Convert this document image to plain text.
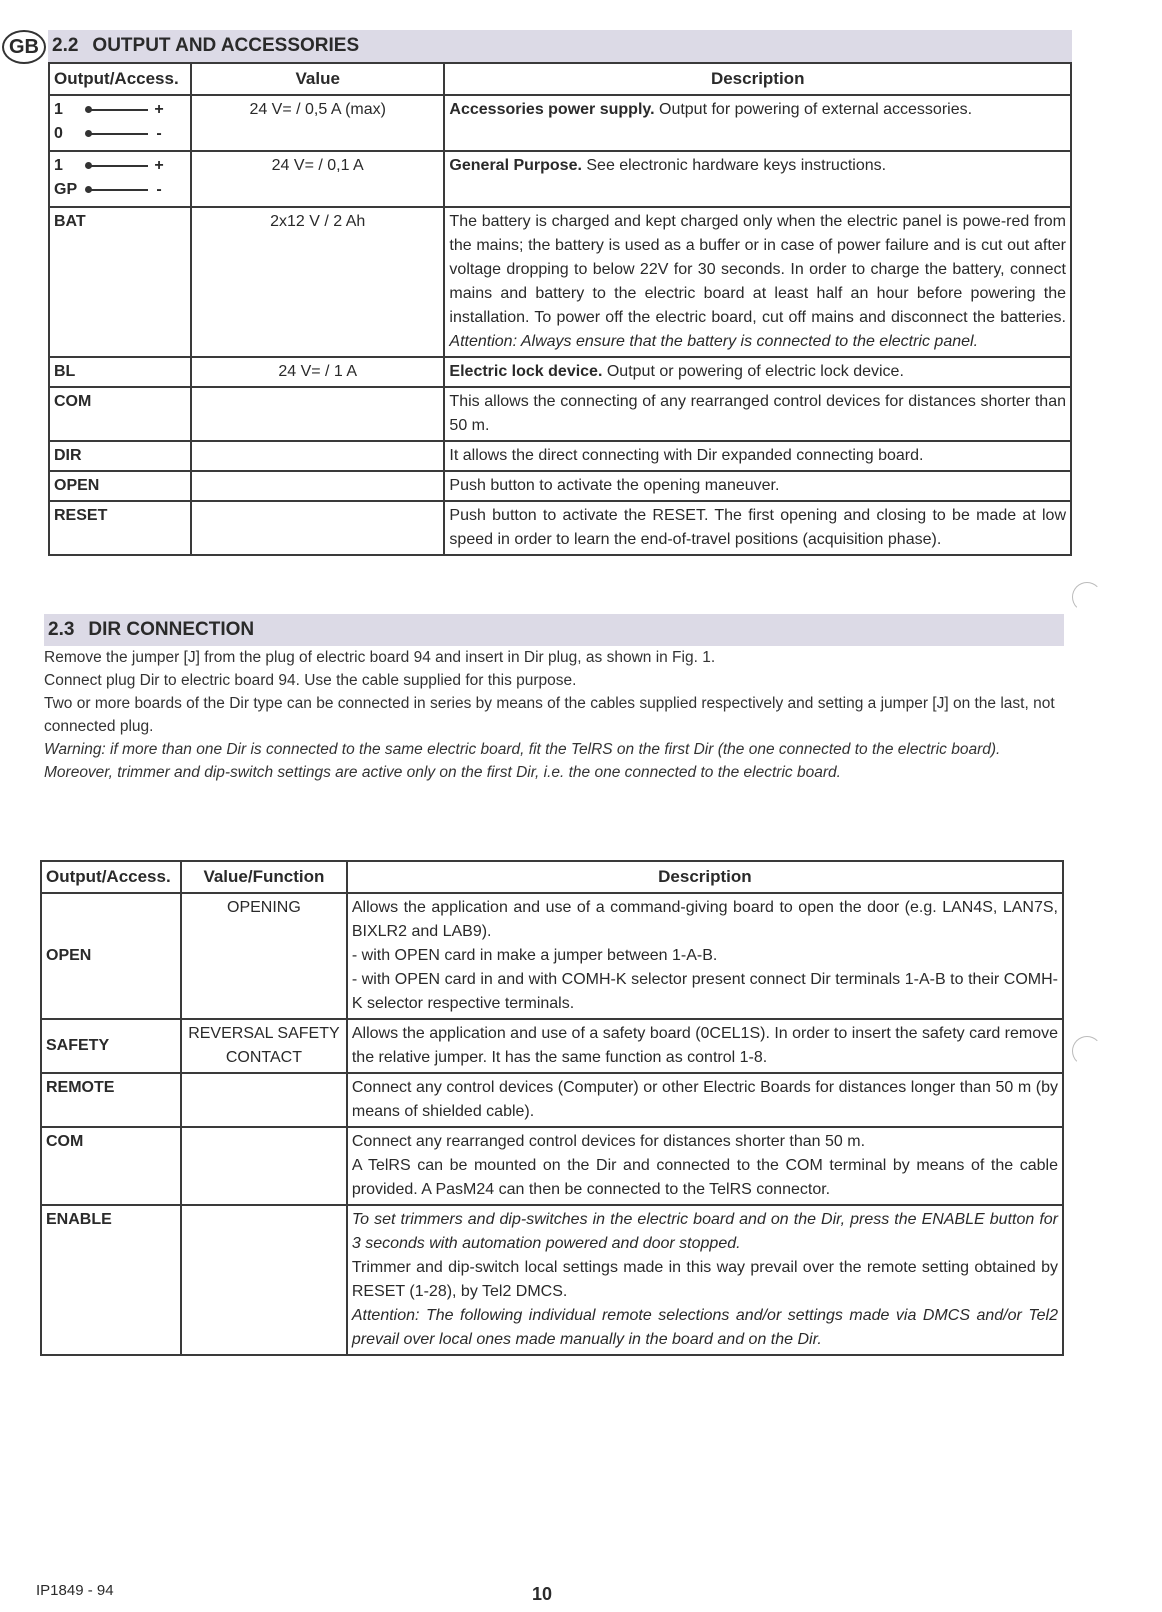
GB 2.2 OUTPUT AND ACCESSORIES
Output/Access.	Value	Description

1 +
0 -	24 V= / 0,5 A (max)	Accessories power supply. Output for powering of external accessories.

1 +
GP -	24 V= / 0,1 A	General Purpose. See electronic hardware keys instructions.
BAT	2x12 V / 2 Ah	The battery is charged and kept charged only when the electric panel is powe-red from the mains; the battery is used as a buffer or in case of power failure and is cut out after voltage dropping to below 22V for 30 seconds. In order to charge the battery, connect mains and battery to the electric board at least half an hour before powering the installation. To power off the electric board, cut off mains and disconnect the batteries. Attention: Always ensure that the battery is connected to the electric panel.
BL	24 V= / 1 A	Electric lock device. Output or powering of electric lock device.
COM		This allows the connecting of any rearranged control devices for distances shorter than 50 m.
DIR		It allows the direct connecting with Dir expanded connecting board.
OPEN		Push button to activate the opening maneuver.
RESET		Push button to activate the RESET. The first opening and closing to be made at low speed in order to learn the end-of-travel positions (acquisition phase).
2.3 DIR CONNECTION

Remove the jumper [J] from the plug of electric board 94 and insert in Dir plug, as shown in Fig. 1.

Connect plug Dir to electric board 94. Use the cable supplied for this purpose.

Two or more boards of the Dir type can be connected in series by means of the cables supplied respectively and setting a jumper [J] on the last, not connected plug.

Warning: if more than one Dir is connected to the same electric board, fit the TelRS on the first Dir (the one connected to the electric board). Moreover, trimmer and dip-switch settings are active only on the first Dir, i.e. the one connected to the electric board.

Output/Access.	Value/Function	Description
OPEN	OPENING	Allows the application and use of a command-giving board to open the door (e.g. LAN4S, LAN7S, BIXLR2 and LAB9).
- with OPEN card in make a jumper between 1-A-B.
- with OPEN card in and with COMH-K selector present connect Dir terminals 1-A-B to their COMH-K selector respective terminals.

SAFETY	REVERSAL SAFETY CONTACT	Allows the application and use of a safety board (0CEL1S). In order to insert the safety card remove the relative jumper. It has the same function as control 1-8.

REMOTE		Connect any control devices (Computer) or other Electric Boards for distances longer than 50 m (by means of shielded cable).

COM		Connect any rearranged control devices for distances shorter than 50 m.
A TelRS can be mounted on the Dir and connected to the COM terminal by means of the cable provided. A PasM24 can then be connected to the TelRS connector.

ENABLE		To set trimmers and dip-switches in the electric board and on the Dir, press the ENABLE button for 3 seconds with automation powered and door stopped.
Trimmer and dip-switch local settings made in this way prevail over the remote setting obtained by RESET (1-28), by Tel2 DMCS.
Attention: The following individual remote selections and/or settings made via DMCS and/or Tel2 prevail over local ones made manually in the board and on the Dir.
IP1849 - 94	10
